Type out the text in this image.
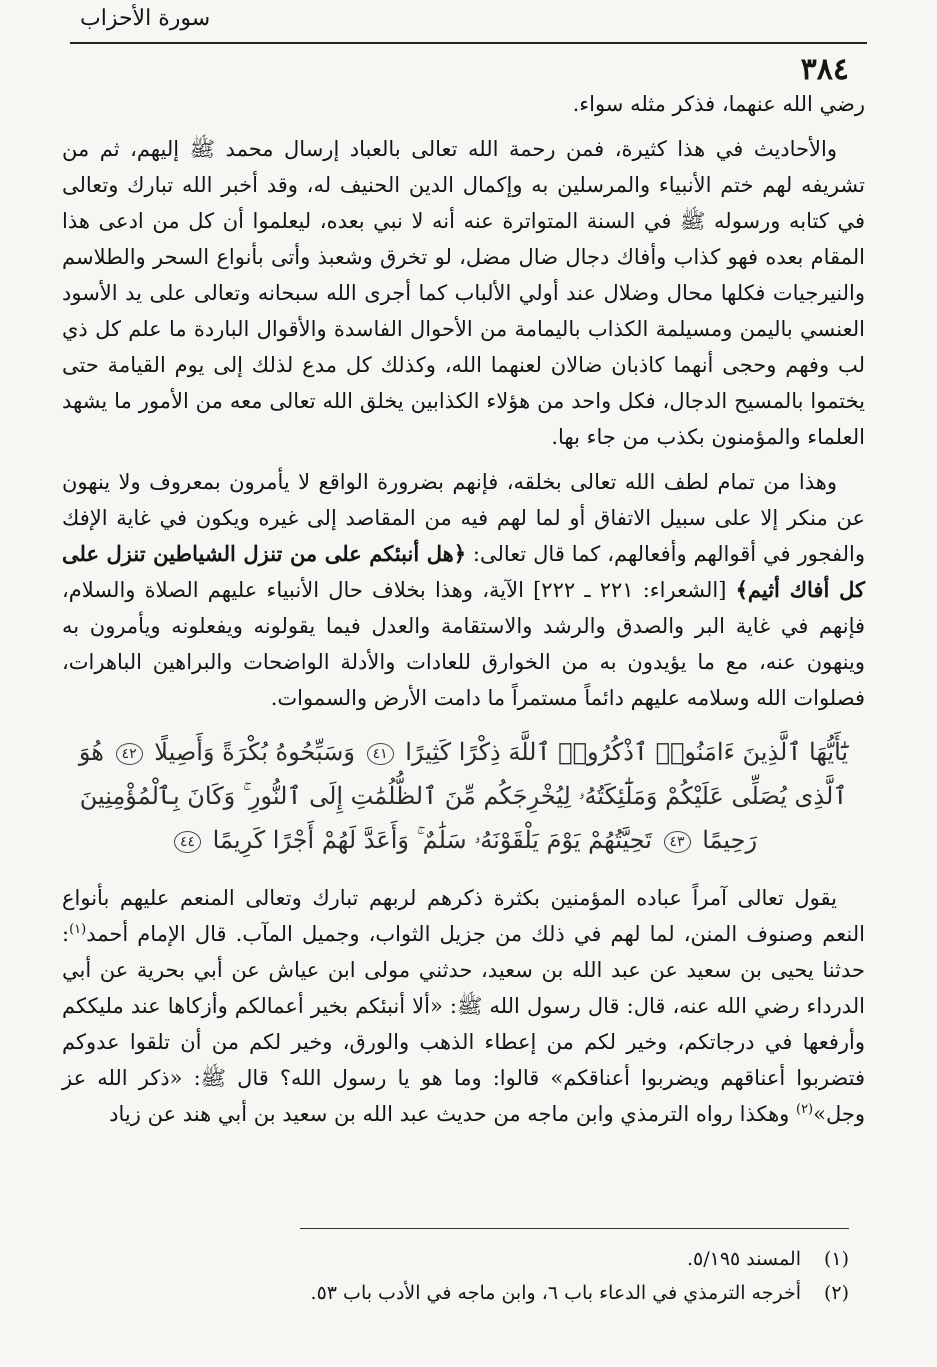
سورة الأحزاب
٣٨٤

رضي الله عنهما، فذكر مثله سواء.

والأحاديث في هذا كثيرة، فمن رحمة الله تعالى بالعباد إرسال محمد ﷺ إليهم، ثم من تشريفه لهم ختم الأنبياء والمرسلين به وإكمال الدين الحنيف له، وقد أخبر الله تبارك وتعالى في كتابه ورسوله ﷺ في السنة المتواترة عنه أنه لا نبي بعده، ليعلموا أن كل من ادعى هذا المقام بعده فهو كذاب وأفاك دجال ضال مضل، لو تخرق وشعبذ وأتى بأنواع السحر والطلاسم والنيرجيات فكلها محال وضلال عند أولي الألباب كما أجرى الله سبحانه وتعالى على يد الأسود العنسي باليمن ومسيلمة الكذاب باليمامة من الأحوال الفاسدة والأقوال الباردة ما علم كل ذي لب وفهم وحجى أنهما كاذبان ضالان لعنهما الله، وكذلك كل مدع لذلك إلى يوم القيامة حتى يختموا بالمسيح الدجال، فكل واحد من هؤلاء الكذابين يخلق الله تعالى معه من الأمور ما يشهد العلماء والمؤمنون بكذب من جاء بها.

وهذا من تمام لطف الله تعالى بخلقه، فإنهم بضرورة الواقع لا يأمرون بمعروف ولا ينهون عن منكر إلا على سبيل الاتفاق أو لما لهم فيه من المقاصد إلى غيره ويكون في غاية الإفك والفجور في أقوالهم وأفعالهم، كما قال تعالى: ﴿هل أنبئكم على من تنزل الشياطين تنزل على كل أفاك أثيم﴾ [الشعراء: ٢٢١ ـ ٢٢٢] الآية، وهذا بخلاف حال الأنبياء عليهم الصلاة والسلام، فإنهم في غاية البر والصدق والرشد والاستقامة والعدل فيما يقولونه ويفعلونه ويأمرون به وينهون عنه، مع ما يؤيدون به من الخوارق للعادات والأدلة الواضحات والبراهين الباهرات، فصلوات الله وسلامه عليهم دائماً مستمراً ما دامت الأرض والسموات.

يَٰٓأَيُّهَا ٱلَّذِينَ ءَامَنُوا۟ ٱذْكُرُوا۟ ٱللَّهَ ذِكْرًا كَثِيرًا ٤١ وَسَبِّحُوهُ بُكْرَةً وَأَصِيلًا ٤٢ هُوَ ٱلَّذِى يُصَلِّى عَلَيْكُمْ وَمَلَٰٓئِكَتُهُۥ لِيُخْرِجَكُم مِّنَ ٱلظُّلُمَٰتِ إِلَى ٱلنُّورِ ۚ وَكَانَ بِٱلْمُؤْمِنِينَ رَحِيمًا ٤٣ تَحِيَّتُهُمْ يَوْمَ يَلْقَوْنَهُۥ سَلَٰمٌ ۚ وَأَعَدَّ لَهُمْ أَجْرًا كَرِيمًا ٤٤

يقول تعالى آمراً عباده المؤمنين بكثرة ذكرهم لربهم تبارك وتعالى المنعم عليهم بأنواع النعم وصنوف المنن، لما لهم في ذلك من جزيل الثواب، وجميل المآب. قال الإمام أحمد$^{(١)}$: حدثنا يحيى بن سعيد عن عبد الله بن سعيد، حدثني مولى ابن عياش عن أبي بحرية عن أبي الدرداء رضي الله عنه، قال: قال رسول الله ﷺ: «ألا أنبئكم بخير أعمالكم وأزكاها عند مليككم وأرفعها في درجاتكم، وخير لكم من إعطاء الذهب والورق، وخير لكم من أن تلقوا عدوكم فتضربوا أعناقهم ويضربوا أعناقكم» قالوا: وما هو يا رسول الله؟ قال ﷺ: «ذكر الله عز وجل»$^{(٢)}$ وهكذا رواه الترمذي وابن ماجه من حديث عبد الله بن سعيد بن أبي هند عن زياد

(١)
المسند ٥/١٩٥.
(٢)
أخرجه الترمذي في الدعاء باب ٦، وابن ماجه في الأدب باب ٥٣.
